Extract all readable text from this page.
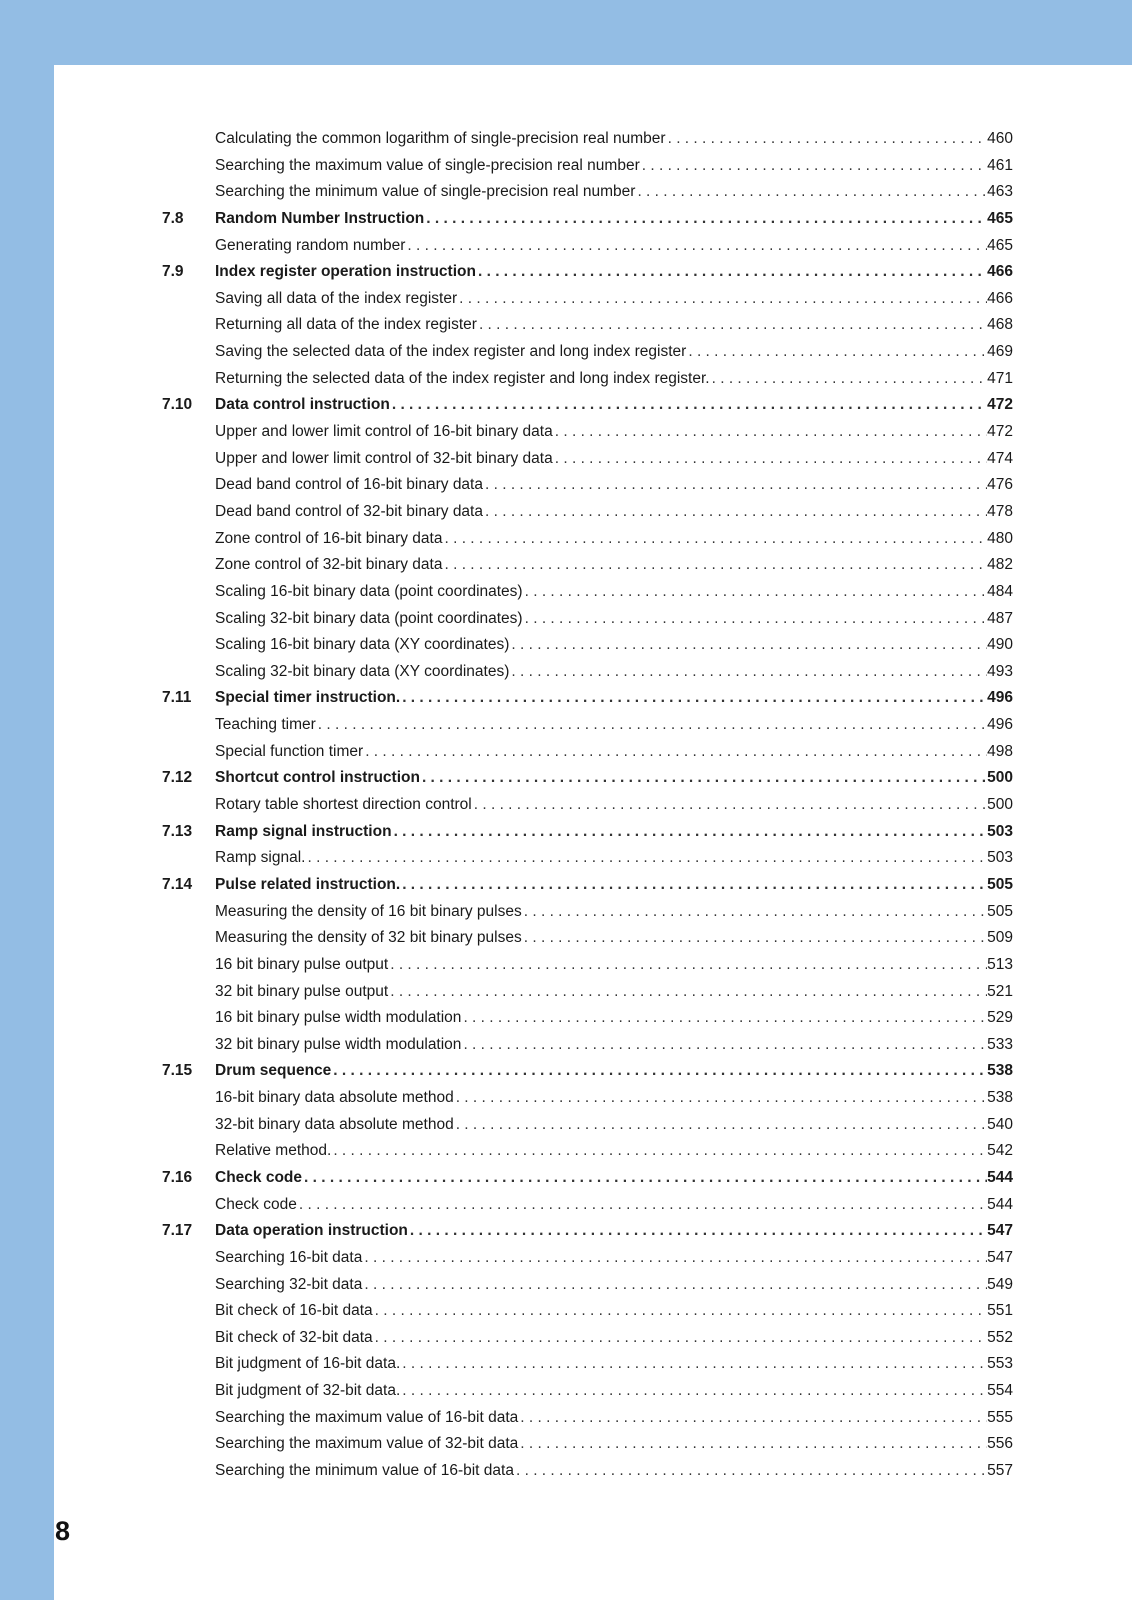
Calculating the common logarithm of single-precision real number . . .	460
Searching the maximum value of single-precision real number . . .	461
Searching the minimum value of single-precision real number . . .	463
7.8 Random Number Instruction . . .	465
Generating random number . . .	465
7.9 Index register operation instruction . . .	466
Saving all data of the index register . . .	466
Returning all data of the index register . . .	468
Saving the selected data of the index register and long index register . . .	469
Returning the selected data of the index register and long index register. . . .	471
7.10 Data control instruction . . .	472
Upper and lower limit control of 16-bit binary data . . .	472
Upper and lower limit control of 32-bit binary data . . .	474
Dead band control of 16-bit binary data . . .	476
Dead band control of 32-bit binary data . . .	478
Zone control of 16-bit binary data . . .	480
Zone control of 32-bit binary data . . .	482
Scaling 16-bit binary data (point coordinates) . . .	484
Scaling 32-bit binary data (point coordinates) . . .	487
Scaling 16-bit binary data (XY coordinates) . . .	490
Scaling 32-bit binary data (XY coordinates) . . .	493
7.11 Special timer instruction. . . .	496
Teaching timer . . .	496
Special function timer . . .	498
7.12 Shortcut control instruction . . .	500
Rotary table shortest direction control . . .	500
7.13 Ramp signal instruction . . .	503
Ramp signal. . . .	503
7.14 Pulse related instruction. . . .	505
Measuring the density of 16 bit binary pulses . . .	505
Measuring the density of 32 bit binary pulses . . .	509
16 bit binary pulse output . . .	513
32 bit binary pulse output . . .	521
16 bit binary pulse width modulation . . .	529
32 bit binary pulse width modulation . . .	533
7.15 Drum sequence . . .	538
16-bit binary data absolute method . . .	538
32-bit binary data absolute method . . .	540
Relative method. . . .	542
7.16 Check code . . .	544
Check code . . .	544
7.17 Data operation instruction . . .	547
Searching 16-bit data . . .	547
Searching 32-bit data . . .	549
Bit check of 16-bit data . . .	551
Bit check of 32-bit data . . .	552
Bit judgment of 16-bit data. . . .	553
Bit judgment of 32-bit data. . . .	554
Searching the maximum value of 16-bit data . . .	555
Searching the maximum value of 32-bit data . . .	556
Searching the minimum value of 16-bit data . . .	557
8
